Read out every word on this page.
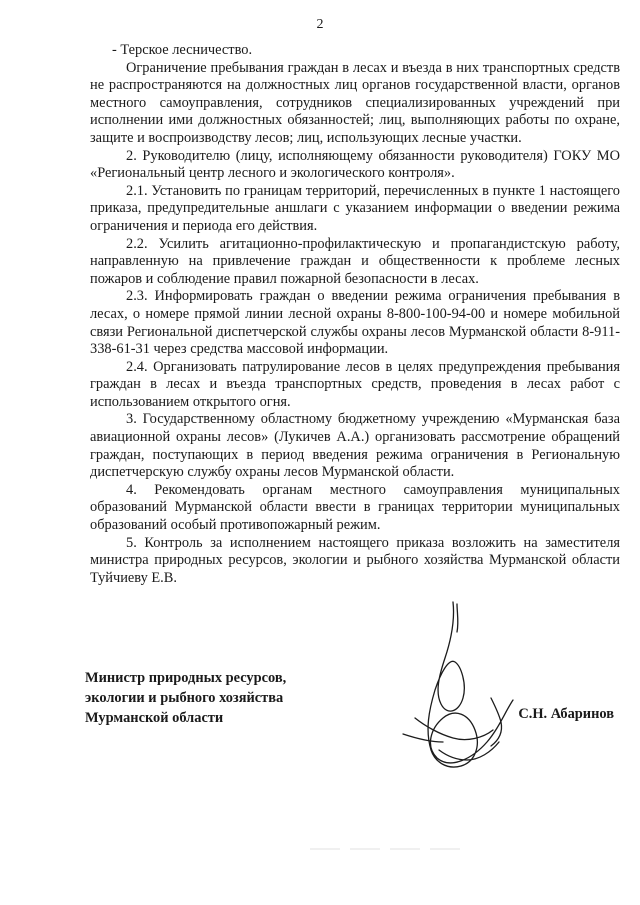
2

- Терское лесничество.

Ограничение пребывания граждан в лесах и въезда в них транспортных средств не распространяются на должностных лиц органов государственной власти, органов местного самоуправления, сотрудников специализированных учреждений при исполнении ими должностных обязанностей; лиц, выполняющих работы по охране, защите и воспроизводству лесов; лиц, использующих лесные участки.

2. Руководителю (лицу, исполняющему обязанности руководителя) ГОКУ МО «Региональный центр лесного и экологического контроля».

2.1. Установить по границам территорий, перечисленных в пункте 1 настоящего приказа, предупредительные аншлаги с указанием информации о введении режима ограничения и периода его действия.

2.2. Усилить агитационно-профилактическую и пропагандистскую работу, направленную на привлечение граждан и общественности к проблеме лесных пожаров и соблюдение правил пожарной безопасности в лесах.

2.3. Информировать граждан о введении режима ограничения пребывания в лесах, о номере прямой линии лесной охраны 8-800-100-94-00 и номере мобильной связи Региональной диспетчерской службы охраны лесов Мурманской области 8-911-338-61-31 через средства массовой информации.

2.4. Организовать патрулирование лесов в целях предупреждения пребывания граждан в лесах и въезда транспортных средств, проведения в лесах работ с использованием открытого огня.

3. Государственному областному бюджетному учреждению «Мурманская база авиационной охраны лесов» (Лукичев А.А.) организовать рассмотрение обращений граждан, поступающих в период введения режима ограничения в Региональную диспетчерскую службу охраны лесов Мурманской области.

4. Рекомендовать органам местного самоуправления муниципальных образований Мурманской области ввести в границах территории муниципальных образований особый противопожарный режим.

5. Контроль за исполнением настоящего приказа возложить на заместителя министра природных ресурсов, экологии и рыбного хозяйства Мурманской области Туйчиеву Е.В.

Министр природных ресурсов,
экологии и рыбного хозяйства
Мурманской области	С.Н. Абаринов
